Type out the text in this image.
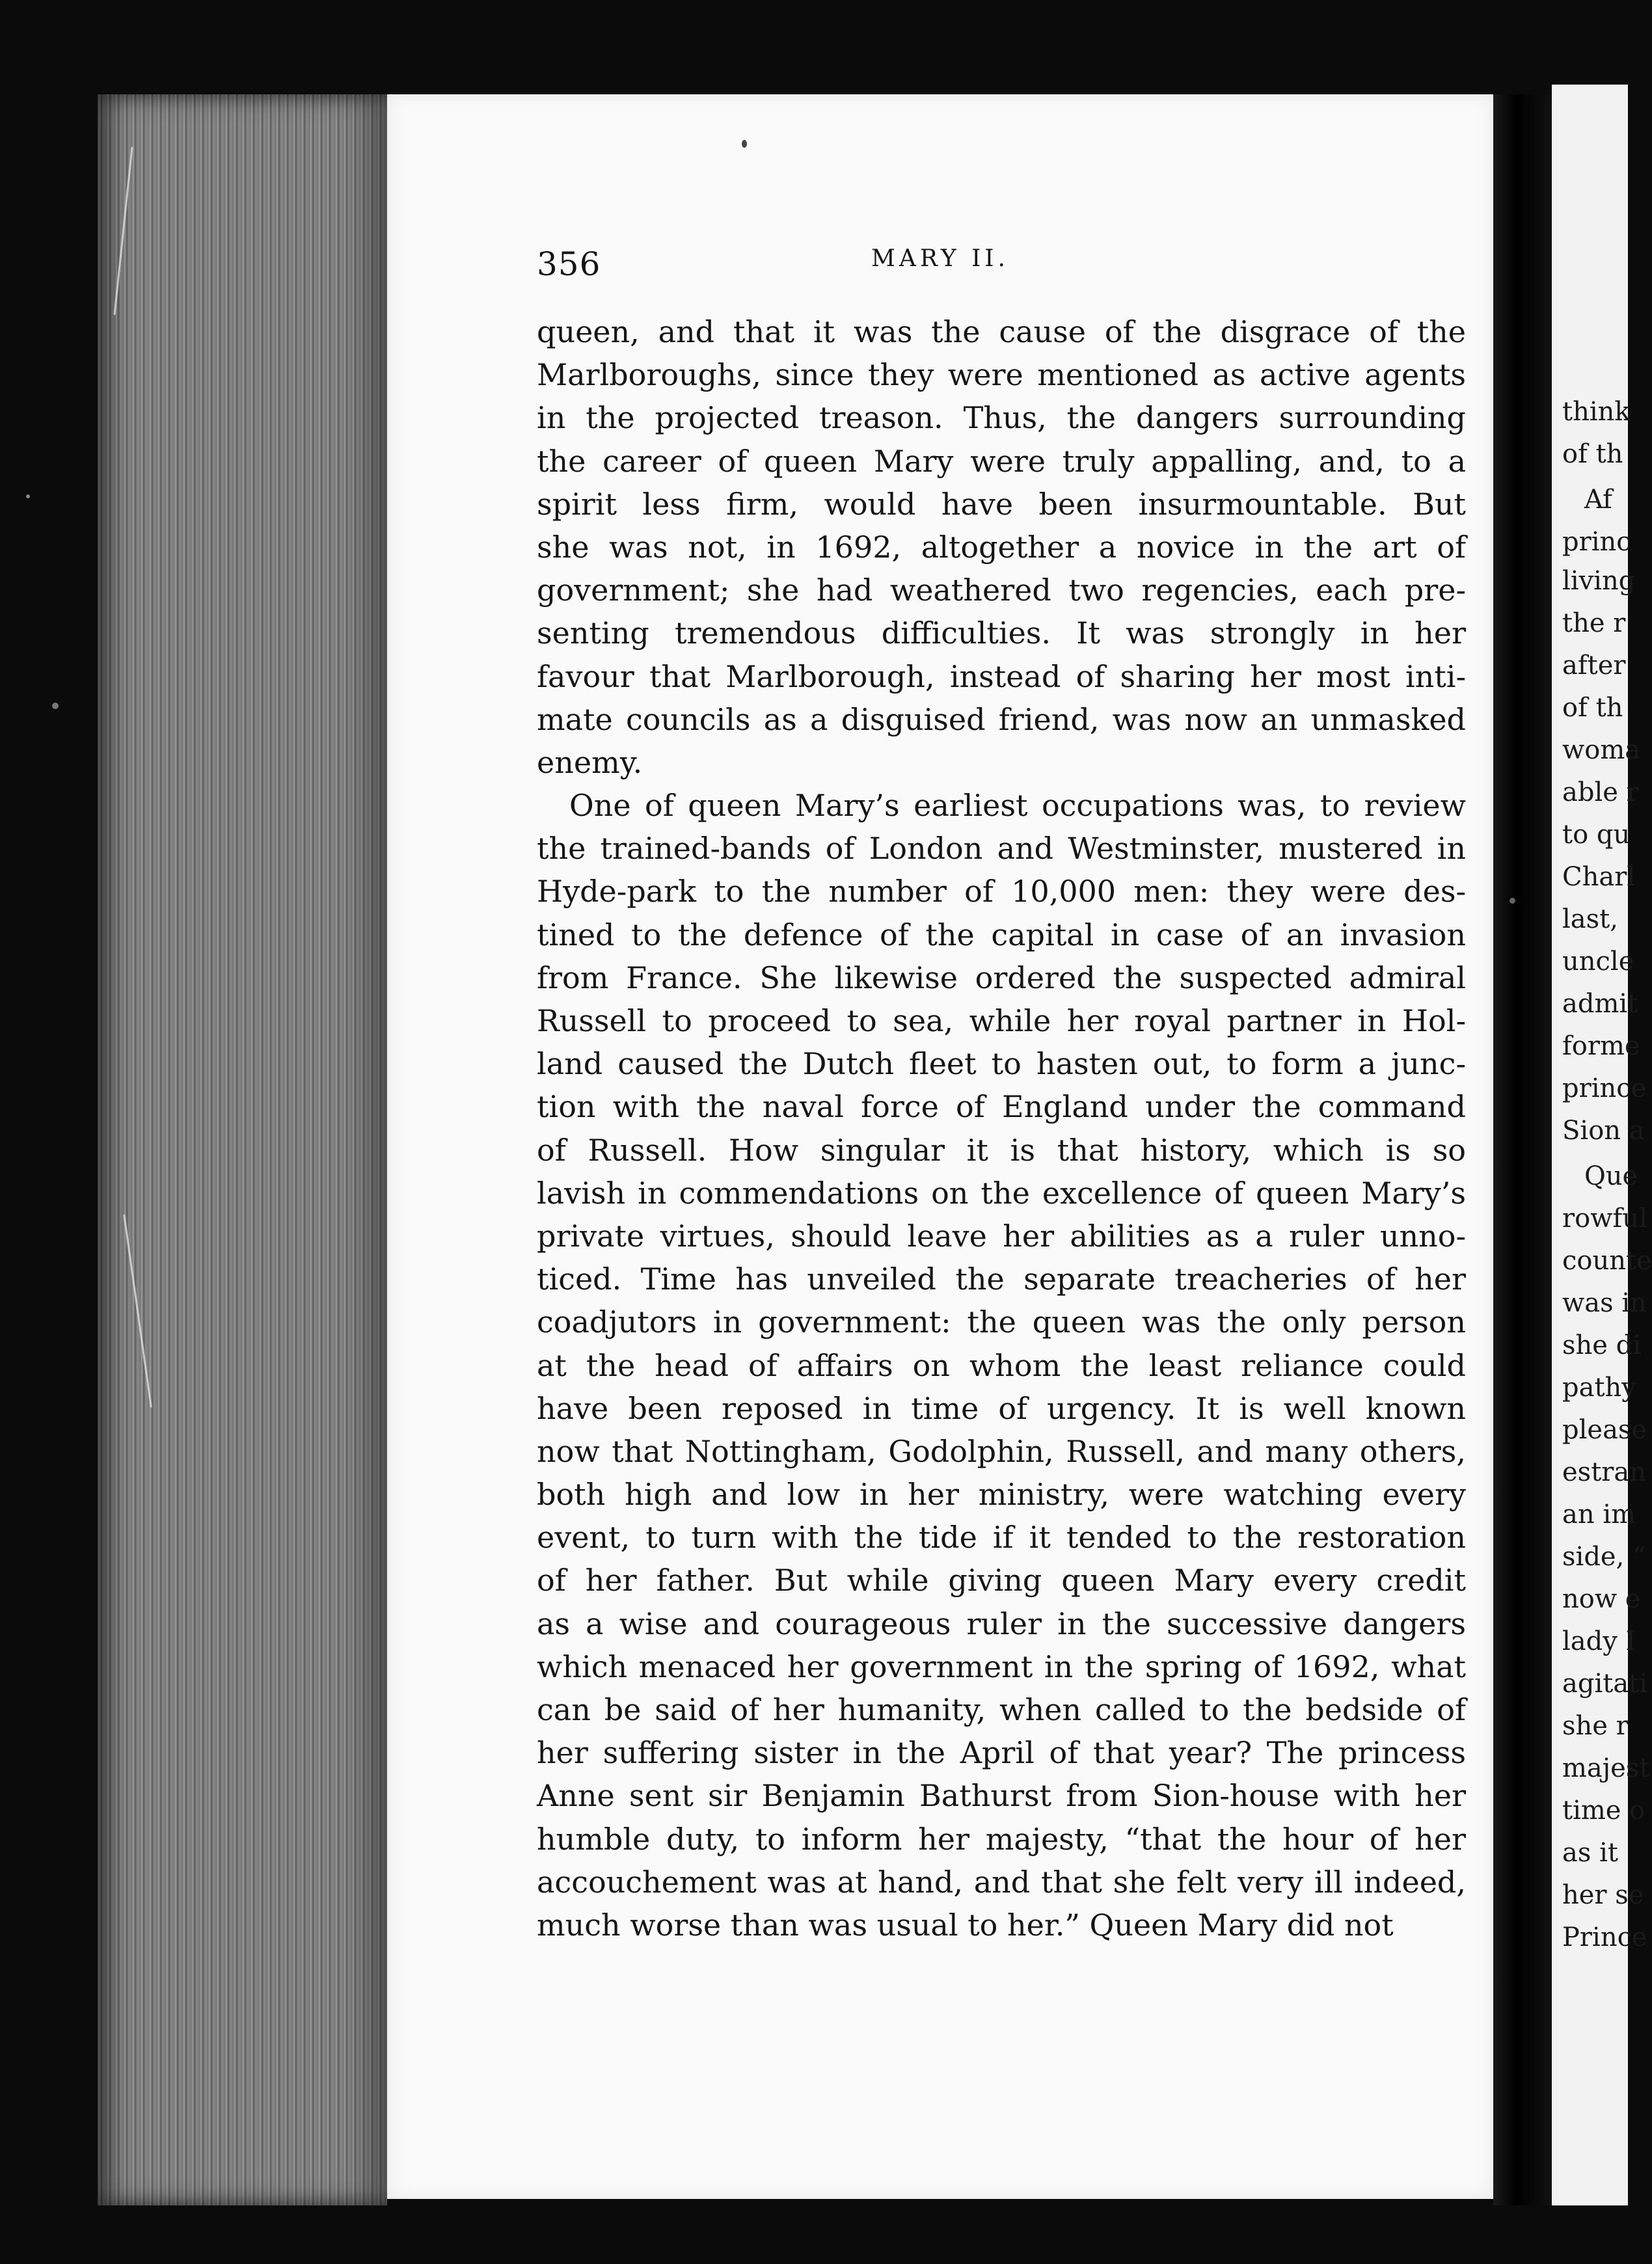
356	MARY II.
queen, and that it was the cause of the disgrace of the
Marlboroughs, since they were mentioned as active agents
in the projected treason. Thus, the dangers surrounding
the career of queen Mary were truly appalling, and, to a
spirit less firm, would have been insurmountable. But
she was not, in 1692, altogether a novice in the art of
government; she had weathered two regencies, each pre-
senting tremendous difficulties. It was strongly in her
favour that Marlborough, instead of sharing her most inti-
mate councils as a disguised friend, was now an unmasked
enemy.
One of queen Mary’s earliest occupations was, to review
the trained-bands of London and Westminster, mustered in
Hyde-park to the number of 10,000 men: they were des-
tined to the defence of the capital in case of an invasion
from France. She likewise ordered the suspected admiral
Russell to proceed to sea, while her royal partner in Hol-
land caused the Dutch fleet to hasten out, to form a junc-
tion with the naval force of England under the command
of Russell. How singular it is that history, which is so
lavish in commendations on the excellence of queen Mary’s
private virtues, should leave her abilities as a ruler unno-
ticed. Time has unveiled the separate treacheries of her
coadjutors in government: the queen was the only person
at the head of affairs on whom the least reliance could
have been reposed in time of urgency. It is well known
now that Nottingham, Godolphin, Russell, and many others,
both high and low in her ministry, were watching every
event, to turn with the tide if it tended to the restoration
of her father. But while giving queen Mary every credit
as a wise and courageous ruler in the successive dangers
which menaced her government in the spring of 1692, what
can be said of her humanity, when called to the bedside of
her suffering sister in the April of that year? The princess
Anne sent sir Benjamin Bathurst from Sion-house with her
humble duty, to inform her majesty, “that the hour of her
accouchement was at hand, and that she felt very ill indeed,
much worse than was usual to her.” Queen Mary did not
think
of th
Af
princ
living
the r
after
of th
woma
able r
to qu
Charl
last,
uncle
admit
forme
prince
Sion a
Que
rowful
counte
was in
she di
pathy
please
estran
an im
side, “
now e
lady I
agitati
she r
majest
time o
as it
her se
Prince
